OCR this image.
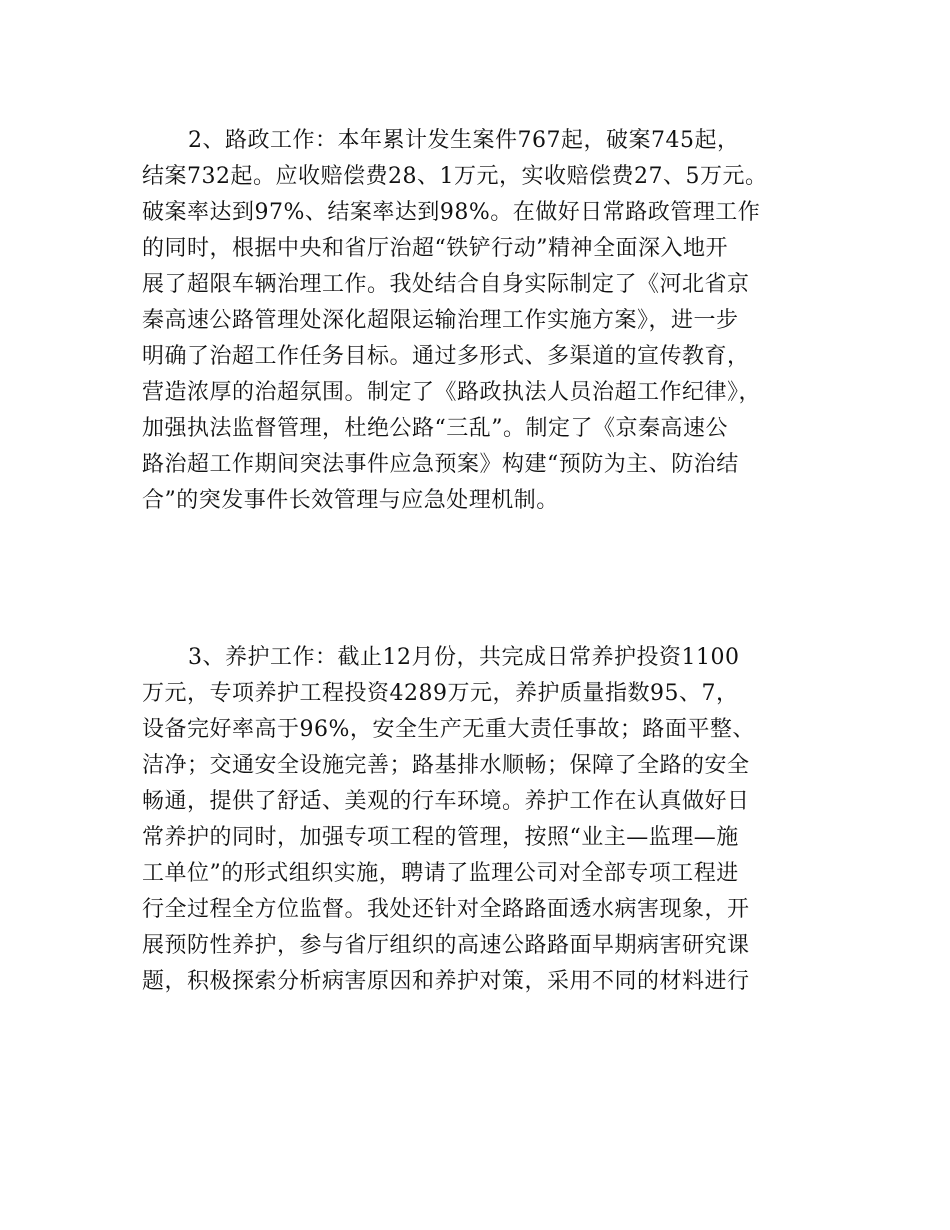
2、路政工作：本年累计发生案件767起，破案745起，

结案732起。应收赔偿费28、1万元，实收赔偿费27、5万元。

破案率达到97%、结案率达到98%。在做好日常路政管理工作

的同时，根据中央和省厅治超“铁铲行动”精神全面深入地开

展了超限车辆治理工作。我处结合自身实际制定了《河北省京

秦高速公路管理处深化超限运输治理工作实施方案》，进一步

明确了治超工作任务目标。通过多形式、多渠道的宣传教育，

营造浓厚的治超氛围。制定了《路政执法人员治超工作纪律》，

加强执法监督管理，杜绝公路“三乱”。制定了《京秦高速公

路治超工作期间突法事件应急预案》构建“预防为主、防治结

合”的突发事件长效管理与应急处理机制。

3、养护工作：截止12月份，共完成日常养护投资1100

万元，专项养护工程投资4289万元，养护质量指数95、7，

设备完好率高于96%，安全生产无重大责任事故；路面平整、

洁净；交通安全设施完善；路基排水顺畅；保障了全路的安全

畅通，提供了舒适、美观的行车环境。养护工作在认真做好日

常养护的同时，加强专项工程的管理，按照“业主—监理—施

工单位”的形式组织实施，聘请了监理公司对全部专项工程进

行全过程全方位监督。我处还针对全路路面透水病害现象，开

展预防性养护，参与省厅组织的高速公路路面早期病害研究课

题，积极探索分析病害原因和养护对策，采用不同的材料进行
